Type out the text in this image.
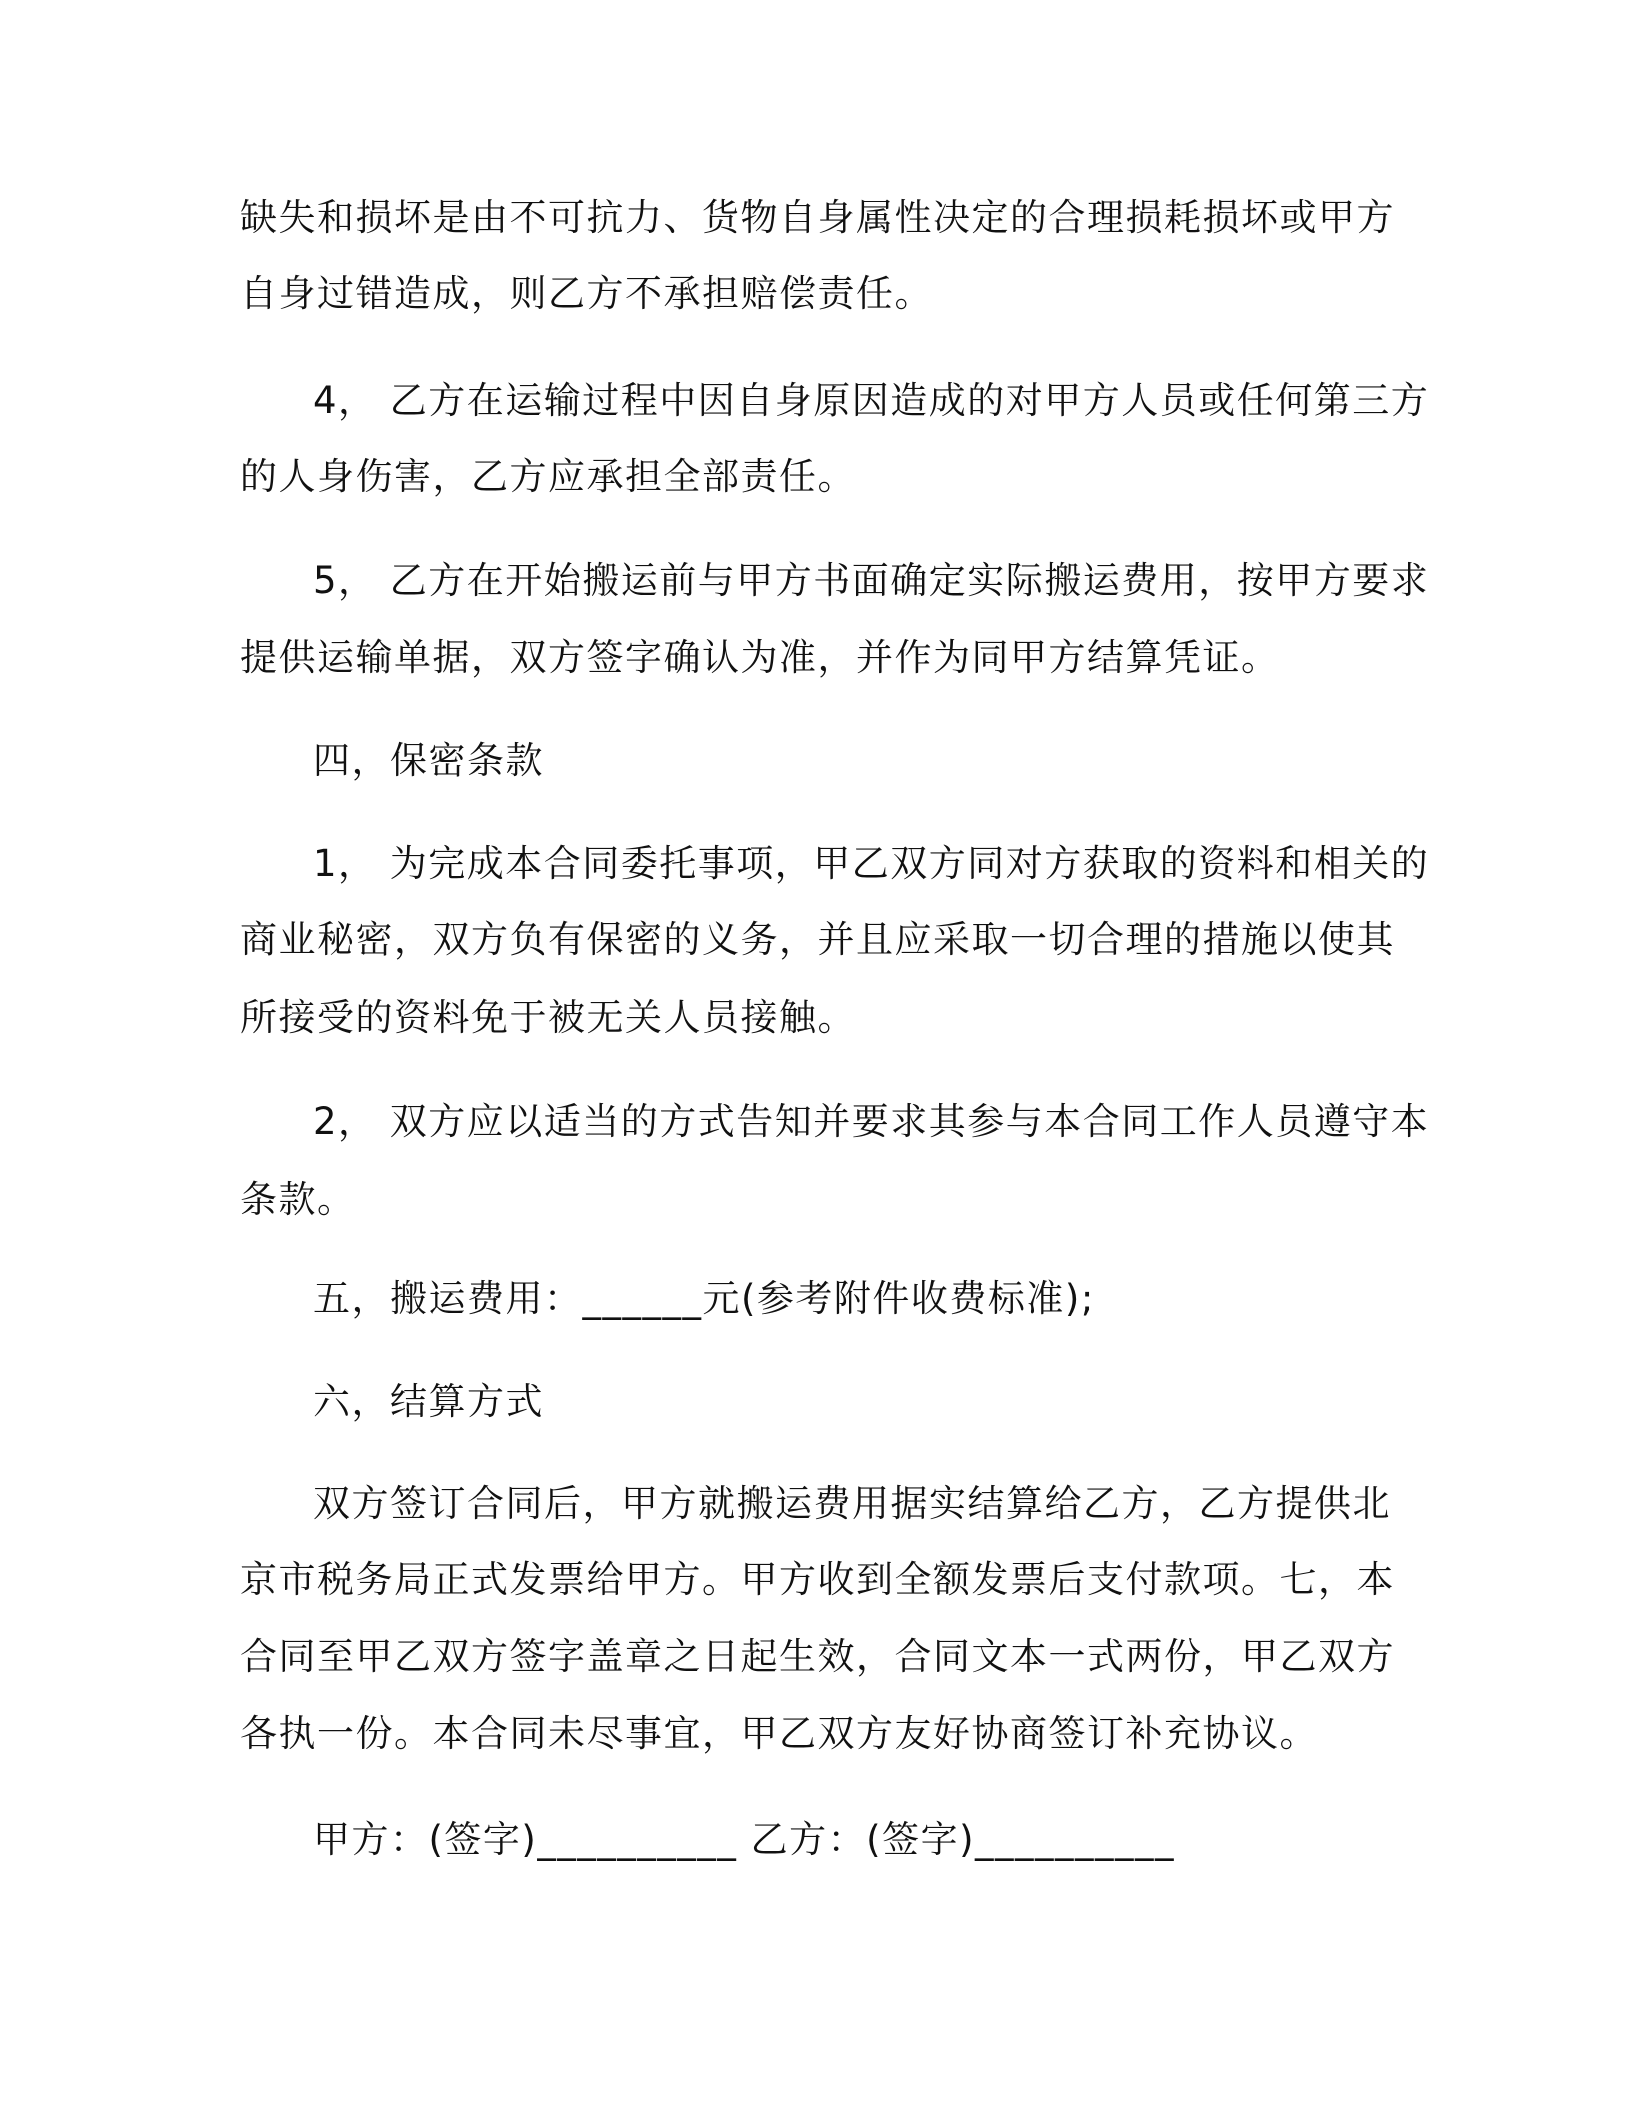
缺失和损坏是由不可抗力、货物自身属性决定的合理损耗损坏或甲方
自身过错造成，则乙方不承担赔偿责任。
4， 乙方在运输过程中因自身原因造成的对甲方人员或任何第三方
的人身伤害，乙方应承担全部责任。
5， 乙方在开始搬运前与甲方书面确定实际搬运费用，按甲方要求
提供运输单据，双方签字确认为准，并作为同甲方结算凭证。
四，保密条款
1， 为完成本合同委托事项，甲乙双方同对方获取的资料和相关的
商业秘密，双方负有保密的义务，并且应采取一切合理的措施以使其
所接受的资料免于被无关人员接触。
2， 双方应以适当的方式告知并要求其参与本合同工作人员遵守本
条款。
五，搬运费用：______元(参考附件收费标准);
六，结算方式
双方签订合同后，甲方就搬运费用据实结算给乙方，乙方提供北
京市税务局正式发票给甲方。甲方收到全额发票后支付款项。七，本
合同至甲乙双方签字盖章之日起生效，合同文本一式两份，甲乙双方
各执一份。本合同未尽事宜，甲乙双方友好协商签订补充协议。
甲方：(签字)__________ 乙方：(签字)__________
